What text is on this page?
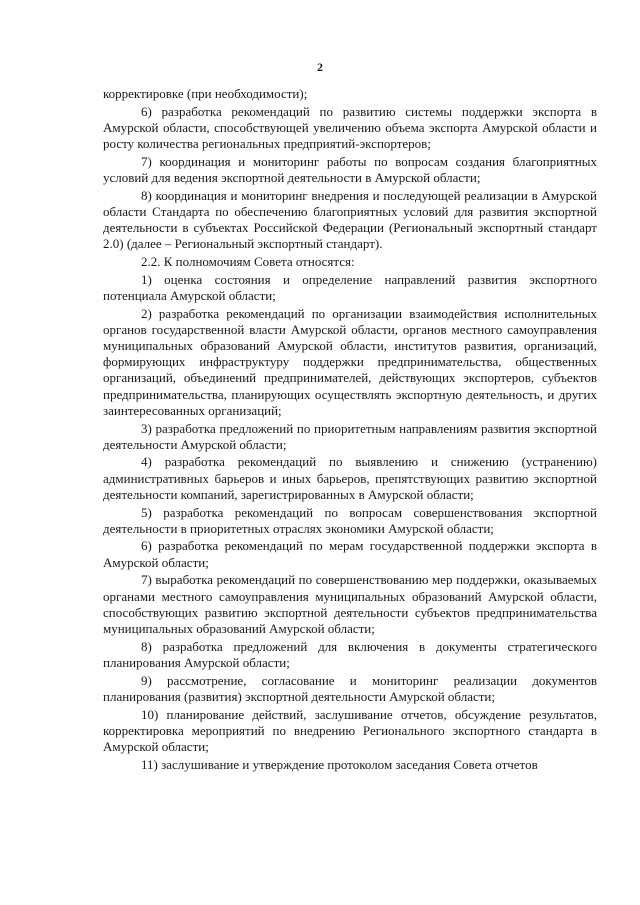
2

корректировке (при необходимости);

6) разработка рекомендаций по развитию системы поддержки экспорта в Амурской области, способствующей увеличению объема экспорта Амурской области и росту количества региональных предприятий-экспортеров;

7) координация и мониторинг работы по вопросам создания благоприятных условий для ведения экспортной деятельности в Амурской области;

8) координация и мониторинг внедрения и последующей реализации в Амурской области Стандарта по обеспечению благоприятных условий для развития экспортной деятельности в субъектах Российской Федерации (Региональный экспортный стандарт 2.0) (далее – Региональный экспортный стандарт).

2.2. К полномочиям Совета относятся:

1) оценка состояния и определение направлений развития экспортного потенциала Амурской области;

2) разработка рекомендаций по организации взаимодействия исполнительных органов государственной власти Амурской области, органов местного самоуправления муниципальных образований Амурской области, институтов развития, организаций, формирующих инфраструктуру поддержки предпринимательства, общественных организаций, объединений предпринимателей, действующих экспортеров, субъектов предпринимательства, планирующих осуществлять экспортную деятельность, и других заинтересованных организаций;

3) разработка предложений по приоритетным направлениям развития экспортной деятельности Амурской области;

4) разработка рекомендаций по выявлению и снижению (устранению) административных барьеров и иных барьеров, препятствующих развитию экспортной деятельности компаний, зарегистрированных в Амурской области;

5) разработка рекомендаций по вопросам совершенствования экспортной деятельности в приоритетных отраслях экономики Амурской области;

6) разработка рекомендаций по мерам государственной поддержки экспорта в Амурской области;

7) выработка рекомендаций по совершенствованию мер поддержки, оказываемых органами местного самоуправления муниципальных образований Амурской области, способствующих развитию экспортной деятельности субъектов предпринимательства муниципальных образований Амурской области;

8) разработка предложений для включения в документы стратегического планирования Амурской области;

9) рассмотрение, согласование и мониторинг реализации документов планирования (развития) экспортной деятельности Амурской области;

10) планирование действий, заслушивание отчетов, обсуждение результатов, корректировка мероприятий по внедрению Регионального экспортного стандарта в Амурской области;

11) заслушивание и утверждение протоколом заседания Совета отчетов
